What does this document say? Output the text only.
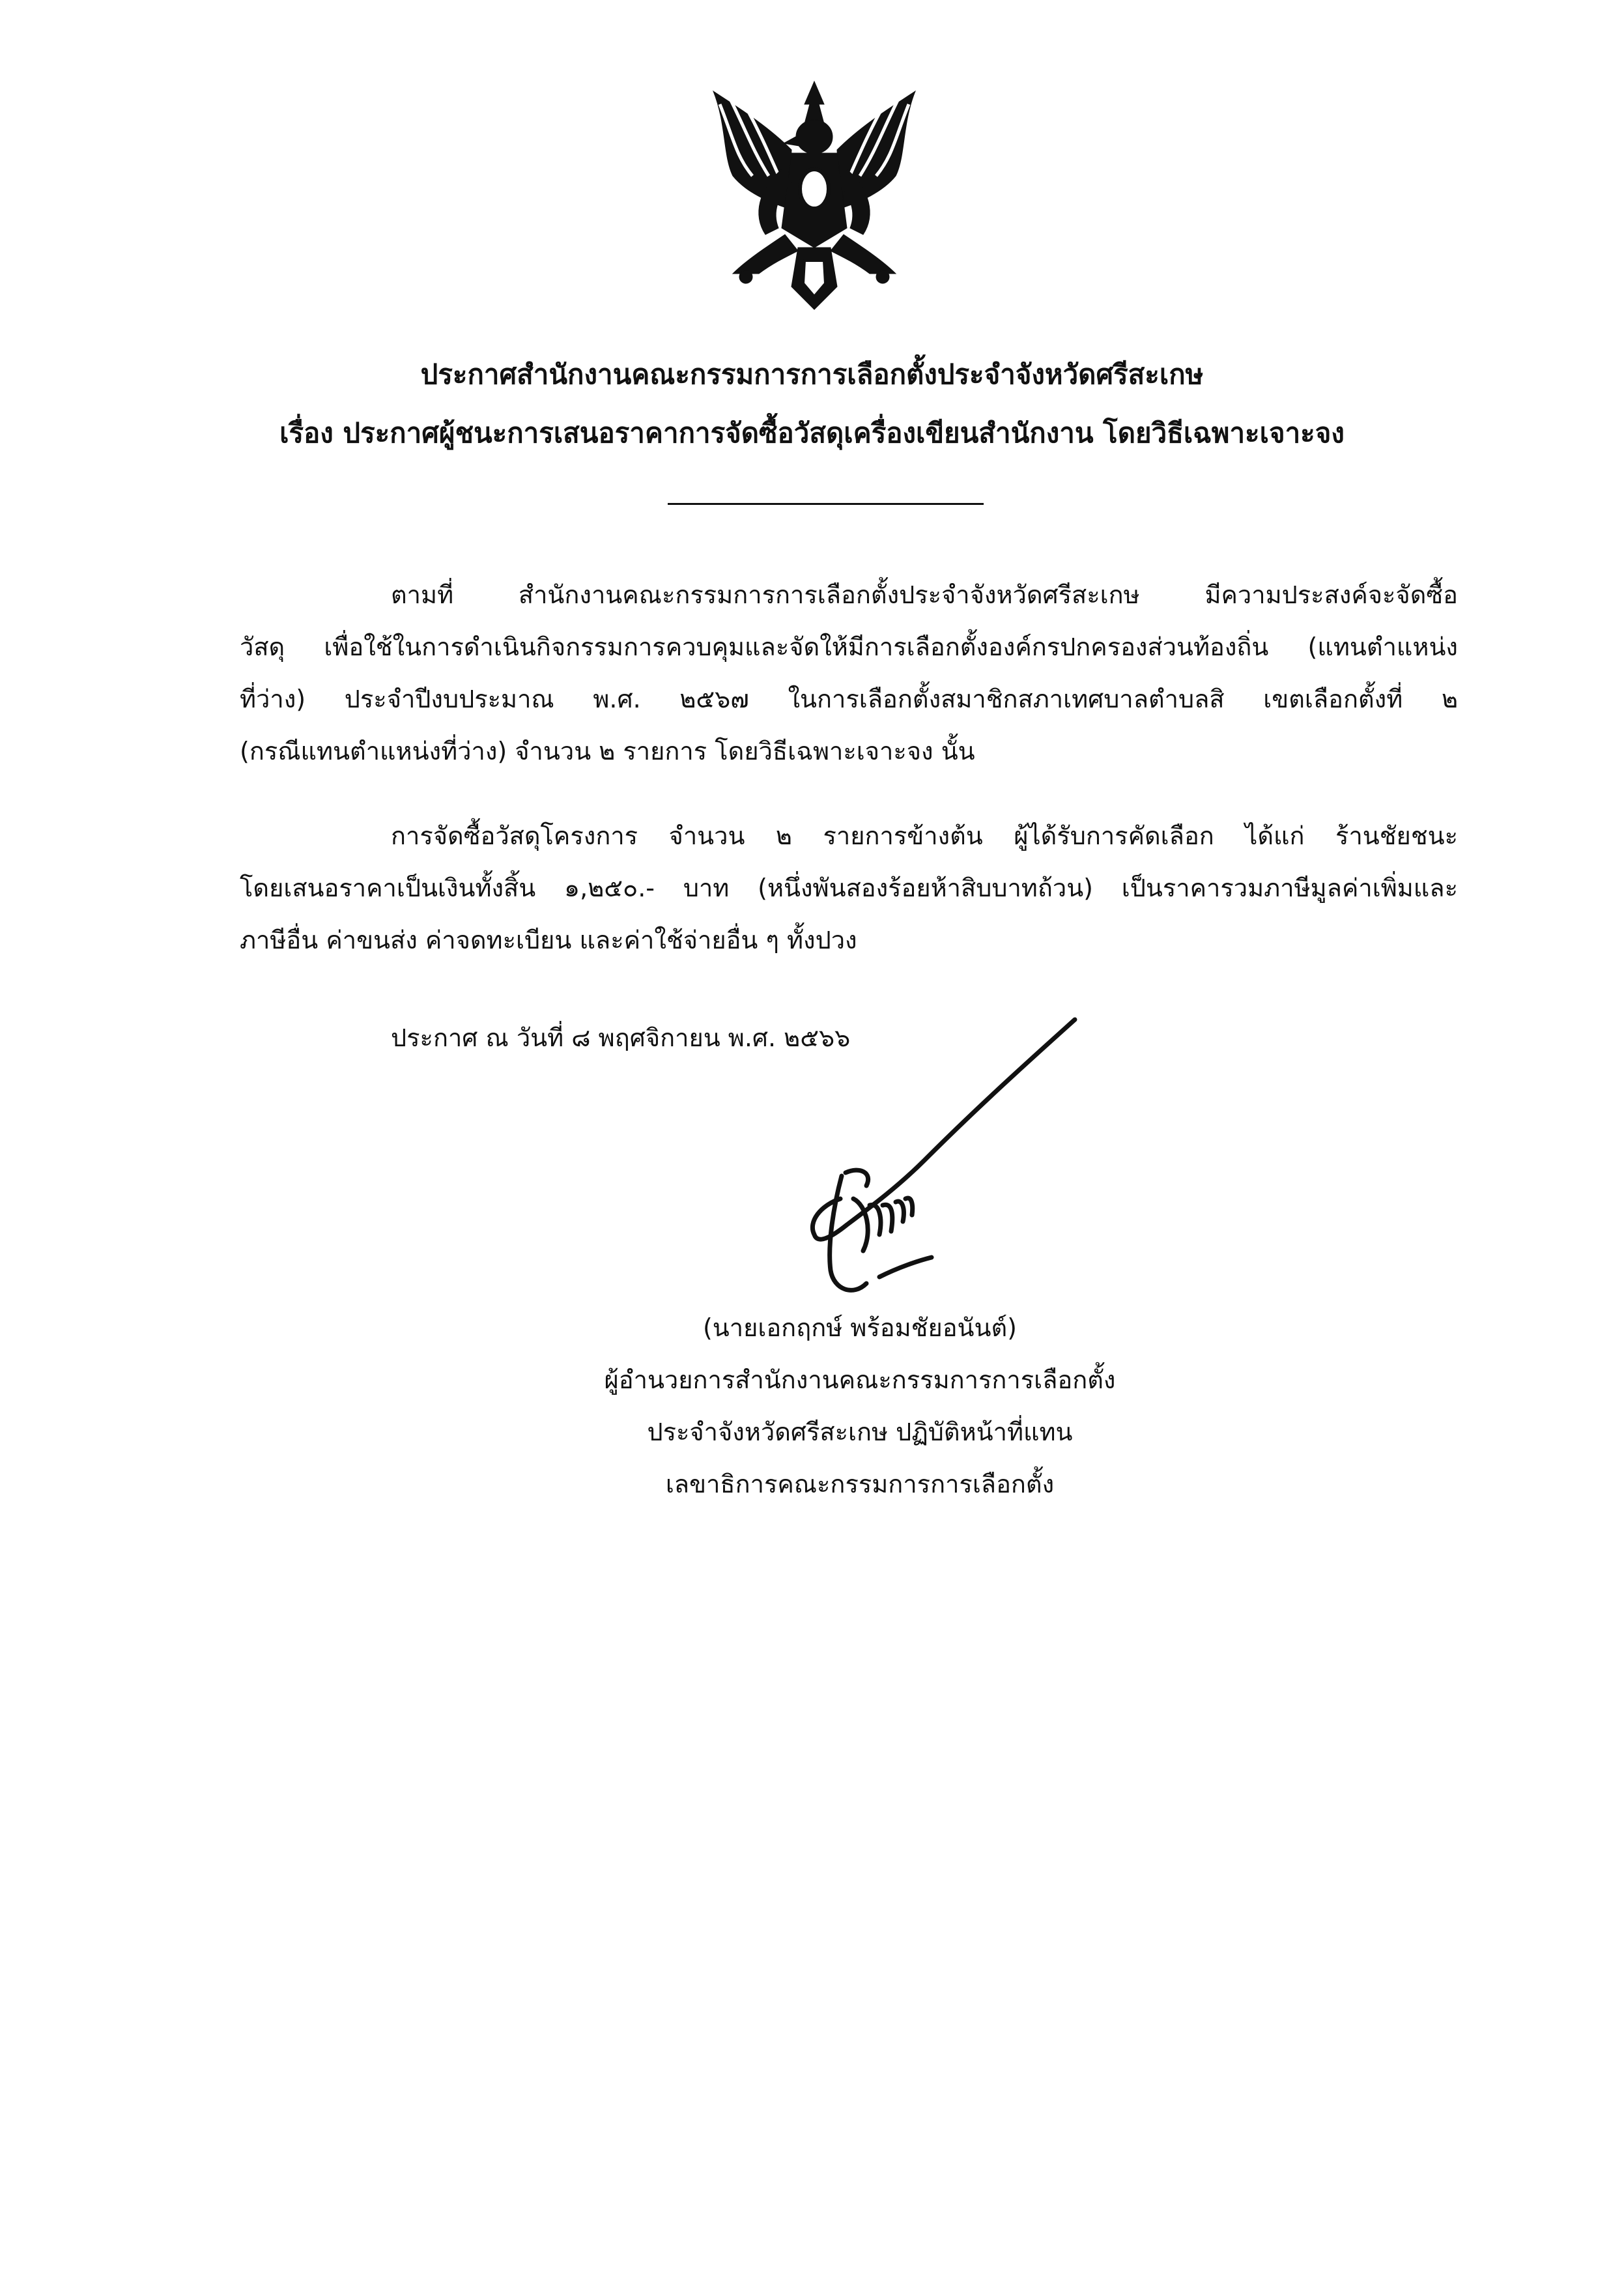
ประกาศสำนักงานคณะกรรมการการเลือกตั้งประจำจังหวัดศรีสะเกษ
เรื่อง ประกาศผู้ชนะการเสนอราคาการจัดซื้อวัสดุเครื่องเขียนสำนักงาน โดยวิธีเฉพาะเจาะจง
ตามที่ สำนักงานคณะกรรมการการเลือกตั้งประจำจังหวัดศรีสะเกษ มีความประสงค์จะจัดซื้อ
วัสดุ เพื่อใช้ในการดำเนินกิจกรรมการควบคุมและจัดให้มีการเลือกตั้งองค์กรปกครองส่วนท้องถิ่น (แทนตำแหน่ง
ที่ว่าง) ประจำปีงบประมาณ พ.ศ. ๒๕๖๗ ในการเลือกตั้งสมาชิกสภาเทศบาลตำบลสิ เขตเลือกตั้งที่ ๒
(กรณีแทนตำแหน่งที่ว่าง) จำนวน ๒ รายการ โดยวิธีเฉพาะเจาะจง นั้น
การจัดซื้อวัสดุโครงการ จำนวน ๒ รายการข้างต้น ผู้ได้รับการคัดเลือก ได้แก่ ร้านชัยชนะ
โดยเสนอราคาเป็นเงินทั้งสิ้น ๑,๒๕๐.- บาท (หนึ่งพันสองร้อยห้าสิบบาทถ้วน) เป็นราคารวมภาษีมูลค่าเพิ่มและ
ภาษีอื่น ค่าขนส่ง ค่าจดทะเบียน และค่าใช้จ่ายอื่น ๆ ทั้งปวง
ประกาศ ณ วันที่ ๘ พฤศจิกายน พ.ศ. ๒๕๖๖
(นายเอกฤกษ์ พร้อมชัยอนันต์)
ผู้อำนวยการสำนักงานคณะกรรมการการเลือกตั้ง
ประจำจังหวัดศรีสะเกษ ปฏิบัติหน้าที่แทน
เลขาธิการคณะกรรมการการเลือกตั้ง
